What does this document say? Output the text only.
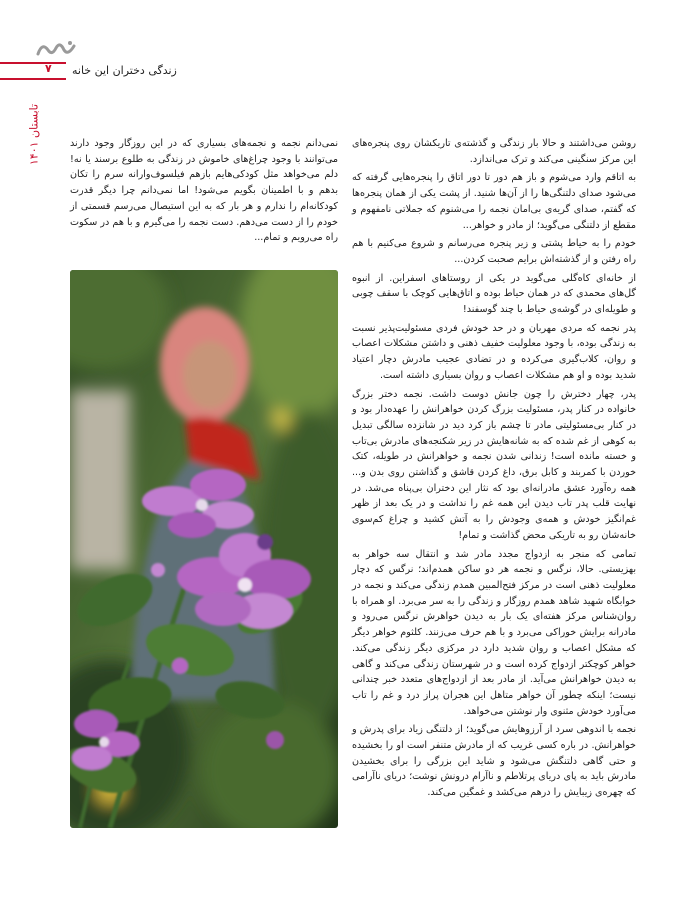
۷ زندگی دختران این خانه
تابستان ۱۴۰۱

روشن می‌داشتند و حالا بار زندگی و گذشته‌ی تاریکشان روی پنجره‌های این مرکز سنگینی می‌کند و ترک می‌اندازد.

به اتاقم وارد می‌شوم و باز هم دور تا دور اتاق را پنجره‌هایی گرفته که می‌شود صدای دلتنگی‌ها را از آن‌ها شنید. از پشت یکی از همان پنجره‌ها که گفتم، صدای گریه‌ی بی‌امان نجمه را می‌شنوم که جملاتی نامفهوم و مقطع از دلتنگی می‌گوید؛ از مادر و خواهر...

خودم را به حیاط پشتی و زیر پنجره می‌رسانم و شروع می‌کنیم با هم راه رفتن و از گذشته‌اش برایم صحبت کردن...

از خانه‌ای کاه‌گلی می‌گوید در یکی از روستاهای اسفراین. از انبوه گل‌های محمدی که در همان حیاط بوده و اتاق‌هایی کوچک با سقف چوبی و طویله‌ای در گوشه‌ی حیاط با چند گوسفند!

پدر نجمه که مردی مهربان و در حد خودش فردی مسئولیت‌پذیر نسبت به زندگی بوده، با وجود معلولیت خفیف ذهنی و داشتن مشکلات اعصاب و روان، کلاب‌گیری می‌کرده و در تضادی عجیب مادرش دچار اعتیاد شدید بوده و او هم مشکلات اعصاب و روان بسیاری داشته است.

پدر، چهار دخترش را چون جانش دوست داشت. نجمه دختر بزرگ خانواده در کنار پدر، مسئولیت بزرگ کردن خواهرانش را عهده‌دار بود و در کنار بی‌مسئولیتی مادر تا چشم باز کرد دید در شانزده سالگی تبدیل به کوهی از غم شده که به شانه‌هایش در زیر شکنجه‌های مادرش بی‌تاب و خسته مانده است! زندانی شدن نجمه و خواهرانش در طویله، کتک خوردن با کمربند و کابل برق، داغ کردن قاشق و گذاشتن روی بدن و... همه ره‌آورد عشق مادرانه‌ای بود که نثار این دختران بی‌پناه می‌شد. در نهایت قلب پدر تاب دیدن این همه غم را نداشت و در یک بعد از ظهر غم‌انگیز خودش و همه‌ی وجودش را به آتش کشید و چراغ کم‌سوی خانه‌شان رو به تاریکی محض گذاشت و تمام!

تمامی که منجر به ازدواج مجدد مادر شد و انتقال سه خواهر به بهزیستی. حالا، نرگس و نجمه هر دو ساکن همدم‌اند؛ نرگس که دچار معلولیت ذهنی است در مرکز فتح‌المبین همدم زندگی می‌کند و نجمه در خوابگاه شهید شاهد همدم روزگار و زندگی را به سر می‌برد. او همراه با روان‌شناس مرکز هفته‌ای یک بار به دیدن خواهرش نرگس می‌رود و مادرانه برایش خوراکی می‌برد و با هم حرف می‌زنند. کلثوم خواهر دیگر که مشکل اعصاب و روان شدید دارد در مرکزی دیگر زندگی می‌کند. خواهر کوچکتر ازدواج کرده است و در شهرستان زندگی می‌کند و گاهی به دیدن خواهرانش می‌آید. از مادر بعد از ازدواج‌های متعدد خبر چندانی نیست؛ اینکه چطور آن خواهر متاهل این هجران پراز درد و غم را تاب می‌آورد خودش مثنوی وار نوشتن می‌خواهد.

نجمه با اندوهی سرد از آرزوهایش می‌گوید؛ از دلتنگی زیاد برای پدرش و خواهرانش. در باره کسی غریب که از مادرش متنفر است او را بخشیده و حتی گاهی دلتنگش می‌شود و شاید این بزرگی را برای بخشیدن مادرش باید به پای دریای پرتلاطم و ناآرام درونش نوشت؛ دریای ناآرامی که چهره‌ی زیبایش را درهم می‌کشد و غمگین می‌کند.

نمی‌دانم نجمه و نجمه‌های بسیاری که در این روزگار وجود دارند می‌توانند با وجود چراغ‌های خاموش در زندگی به طلوع برسند یا نه! دلم می‌خواهد مثل کودکی‌هایم بازهم فیلسوف‌وارانه سرم را تکان بدهم و با اطمینان بگویم می‌شود! اما نمی‌دانم چرا دیگر قدرت کودکانه‌ام را ندارم و هر بار که به این استیصال می‌رسم قسمتی از خودم را از دست می‌دهم. دست نجمه را می‌گیرم و با هم در سکوت راه می‌رویم و تمام...
